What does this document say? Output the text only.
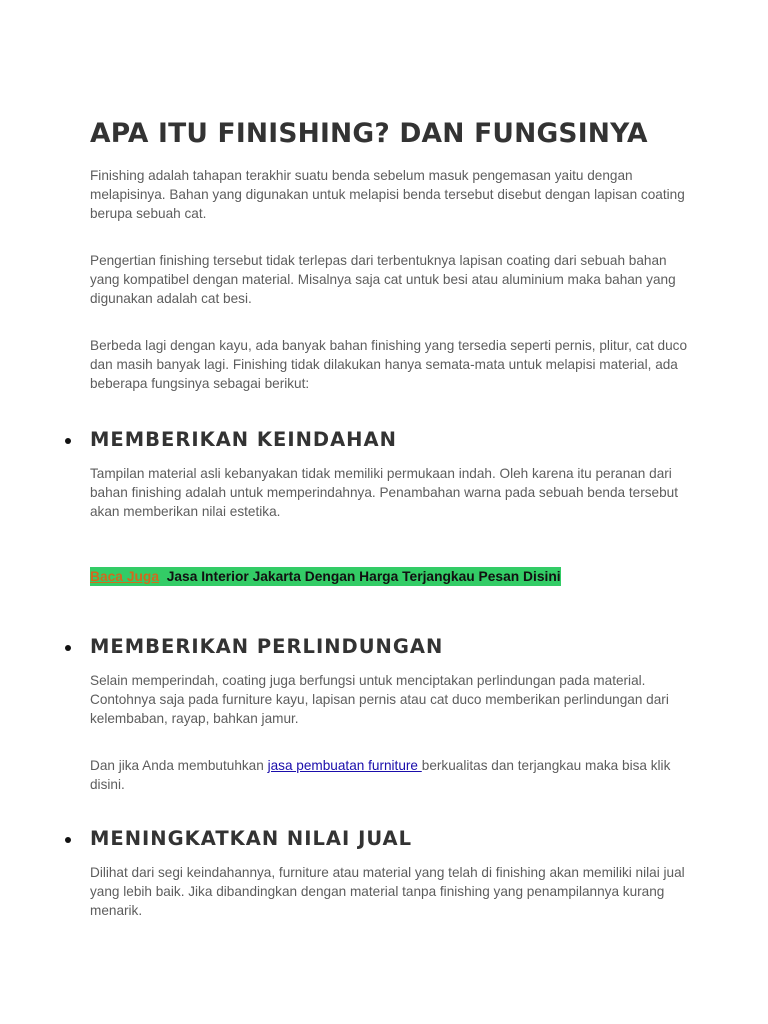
APA ITU FINISHING? DAN FUNGSINYA

Finishing adalah tahapan terakhir suatu benda sebelum masuk pengemasan yaitu dengan melapisinya. Bahan yang digunakan untuk melapisi benda tersebut disebut dengan lapisan coating berupa sebuah cat.

Pengertian finishing tersebut tidak terlepas dari terbentuknya lapisan coating dari sebuah bahan yang kompatibel dengan material. Misalnya saja cat untuk besi atau aluminium maka bahan yang digunakan adalah cat besi.

Berbeda lagi dengan kayu, ada banyak bahan finishing yang tersedia seperti pernis, plitur, cat duco dan masih banyak lagi. Finishing tidak dilakukan hanya semata-mata untuk melapisi material, ada beberapa fungsinya sebagai berikut:

MEMBERIKAN KEINDAHAN

Tampilan material asli kebanyakan tidak memiliki permukaan indah. Oleh karena itu peranan dari bahan finishing adalah untuk memperindahnya. Penambahan warna pada sebuah benda tersebut akan memberikan nilai estetika.

Baca Juga Jasa Interior Jakarta Dengan Harga Terjangkau Pesan Disini
MEMBERIKAN PERLINDUNGAN

Selain memperindah, coating juga berfungsi untuk menciptakan perlindungan pada material. Contohnya saja pada furniture kayu, lapisan pernis atau cat duco memberikan perlindungan dari kelembaban, rayap, bahkan jamur.

Dan jika Anda membutuhkan jasa pembuatan furniture berkualitas dan terjangkau maka bisa klik disini.

MENINGKATKAN NILAI JUAL

Dilihat dari segi keindahannya, furniture atau material yang telah di finishing akan memiliki nilai jual yang lebih baik. Jika dibandingkan dengan material tanpa finishing yang penampilannya kurang menarik.
